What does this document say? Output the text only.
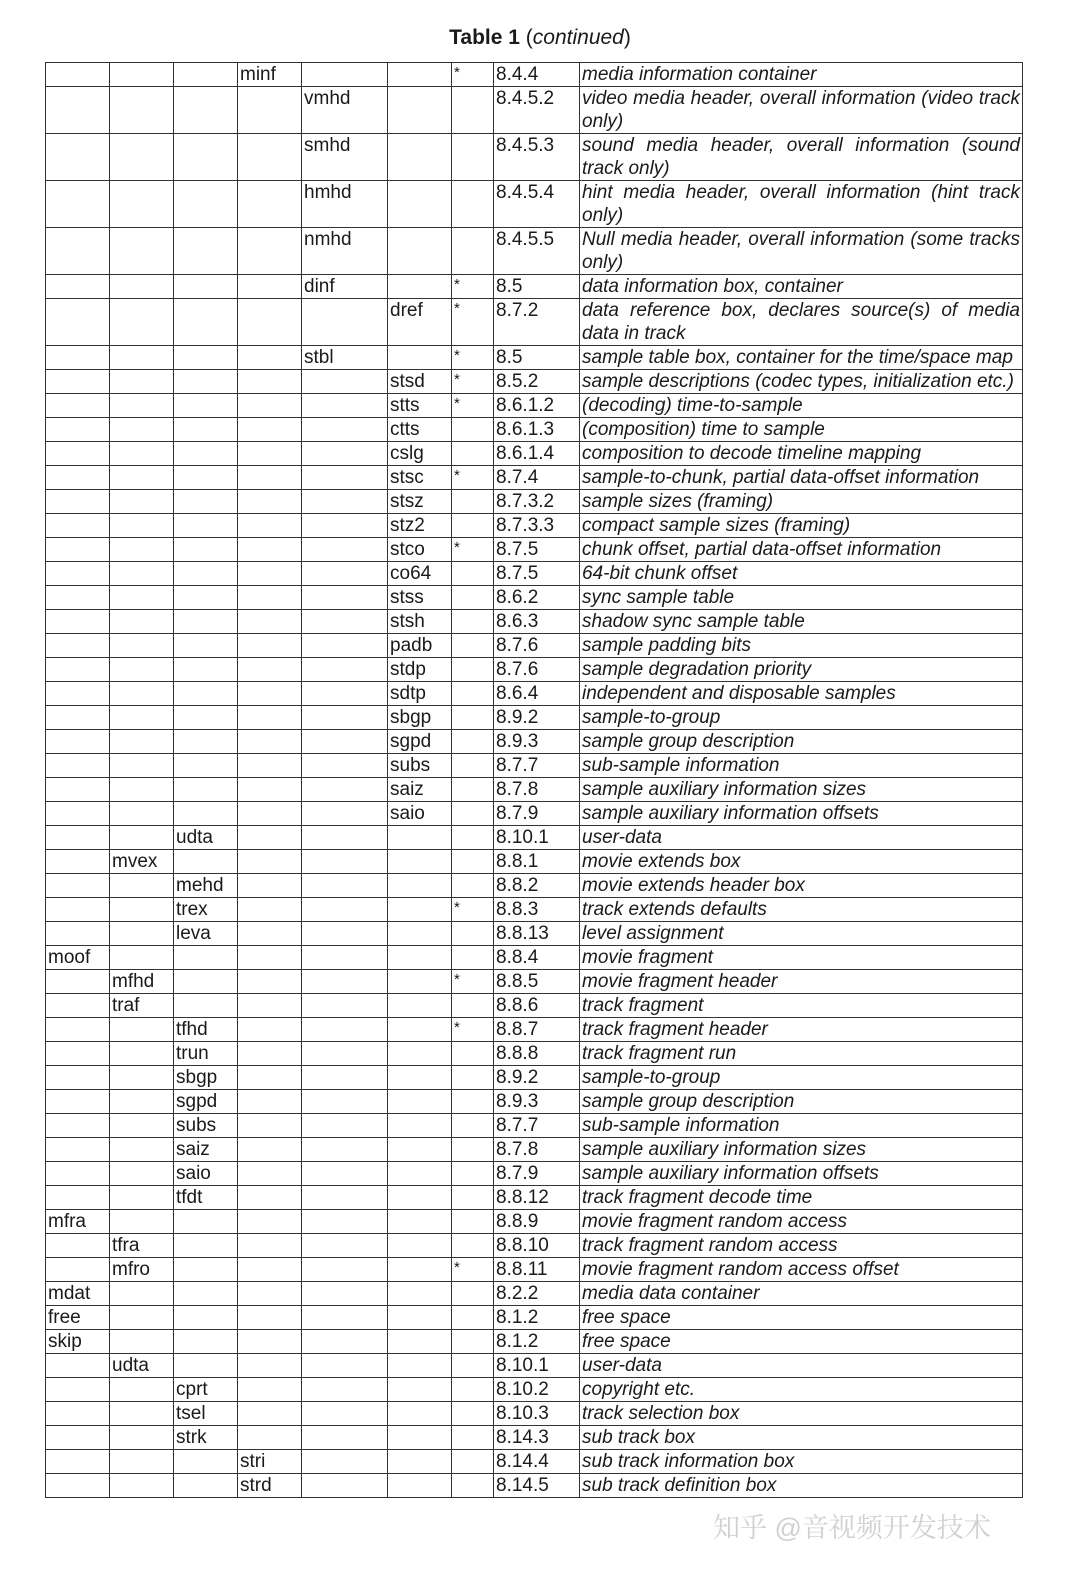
Table 1 (continued)
			minf			*	8.4.4	media information container
				vmhd			8.4.5.2	video media header, overall information (video track only)
				smhd			8.4.5.3	sound media header, overall information (sound track only)
				hmhd			8.4.5.4	hint media header, overall information (hint track only)
				nmhd			8.4.5.5	Null media header, overall information (some tracks only)
				dinf		*	8.5	data information box, container
					dref	*	8.7.2	data reference box, declares source(s) of media data in track
				stbl		*	8.5	sample table box, container for the time/space map
					stsd	*	8.5.2	sample descriptions (codec types, initialization etc.)
					stts	*	8.6.1.2	(decoding) time-to-sample
					ctts		8.6.1.3	(composition) time to sample
					cslg		8.6.1.4	composition to decode timeline mapping
					stsc	*	8.7.4	sample-to-chunk, partial data-offset information
					stsz		8.7.3.2	sample sizes (framing)
					stz2		8.7.3.3	compact sample sizes (framing)
					stco	*	8.7.5	chunk offset, partial data-offset information
					co64		8.7.5	64-bit chunk offset
					stss		8.6.2	sync sample table
					stsh		8.6.3	shadow sync sample table
					padb		8.7.6	sample padding bits
					stdp		8.7.6	sample degradation priority
					sdtp		8.6.4	independent and disposable samples
					sbgp		8.9.2	sample-to-group
					sgpd		8.9.3	sample group description
					subs		8.7.7	sub-sample information
					saiz		8.7.8	sample auxiliary information sizes
					saio		8.7.9	sample auxiliary information offsets
		udta					8.10.1	user-data
	mvex						8.8.1	movie extends box
		mehd					8.8.2	movie extends header box
		trex				*	8.8.3	track extends defaults
		leva					8.8.13	level assignment
moof							8.8.4	movie fragment
	mfhd					*	8.8.5	movie fragment header
	traf						8.8.6	track fragment
		tfhd				*	8.8.7	track fragment header
		trun					8.8.8	track fragment run
		sbgp					8.9.2	sample-to-group
		sgpd					8.9.3	sample group description
		subs					8.7.7	sub-sample information
		saiz					8.7.8	sample auxiliary information sizes
		saio					8.7.9	sample auxiliary information offsets
		tfdt					8.8.12	track fragment decode time
mfra							8.8.9	movie fragment random access
	tfra						8.8.10	track fragment random access
	mfro					*	8.8.11	movie fragment random access offset
mdat							8.2.2	media data container
free							8.1.2	free space
skip							8.1.2	free space
	udta						8.10.1	user-data
		cprt					8.10.2	copyright etc.
		tsel					8.10.3	track selection box
		strk					8.14.3	sub track box
			stri				8.14.4	sub track information box
			strd				8.14.5	sub track definition box
知乎 @音视频开发技术
